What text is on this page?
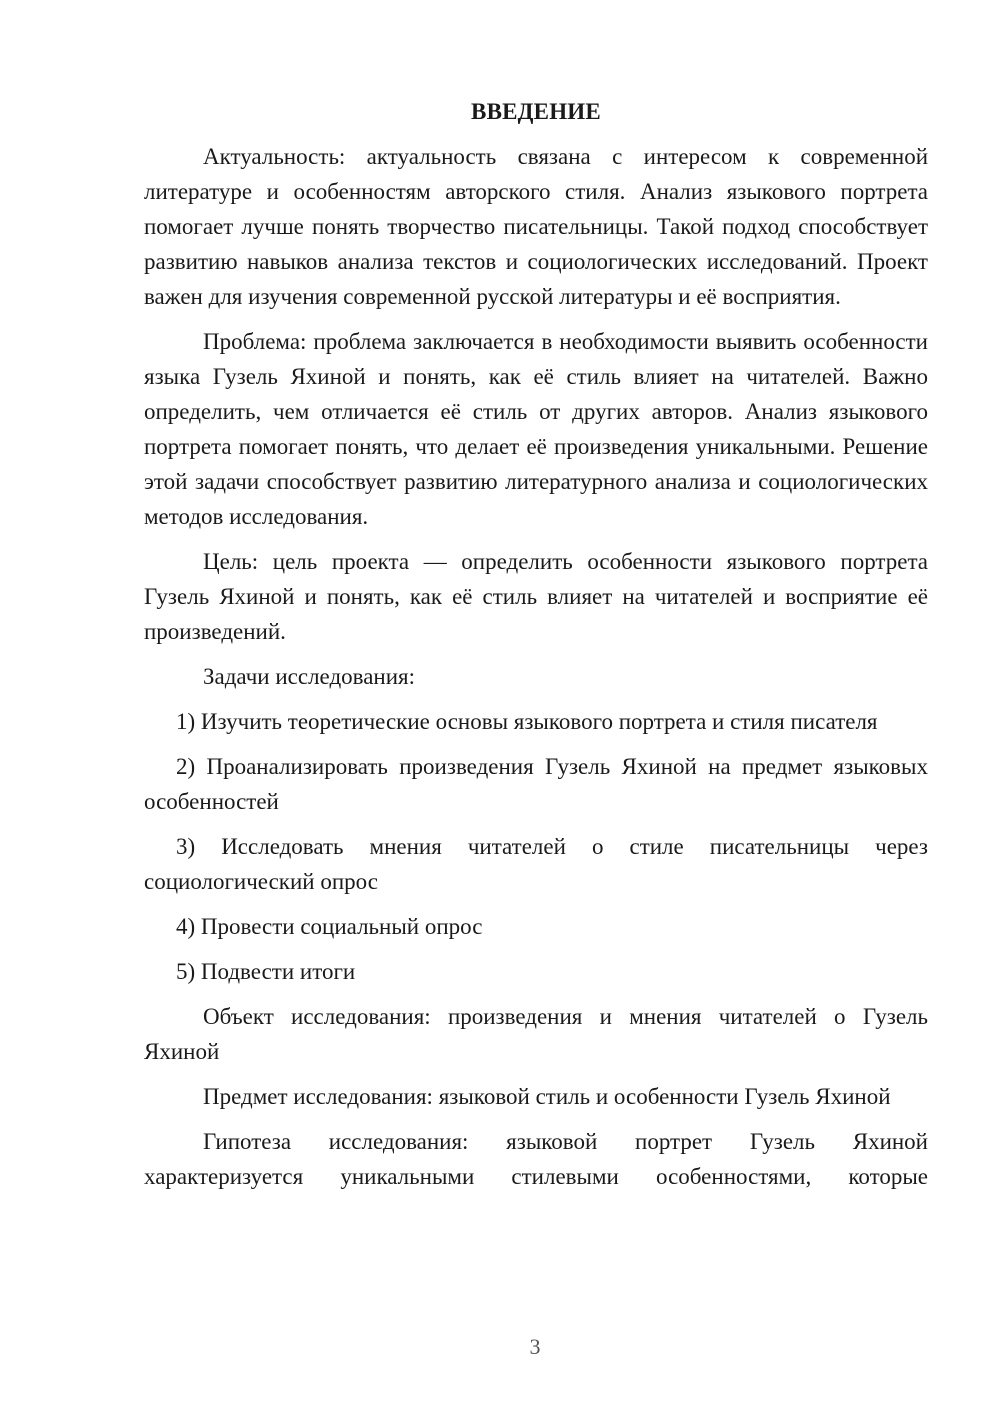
ВВЕДЕНИЕ

Актуальность: актуальность связана с интересом к современной литературе и особенностям авторского стиля. Анализ языкового портрета помогает лучше понять творчество писательницы. Такой подход способствует развитию навыков анализа текстов и социологических исследований. Проект важен для изучения современной русской литературы и её восприятия.

Проблема: проблема заключается в необходимости выявить особенности языка Гузель Яхиной и понять, как её стиль влияет на читателей. Важно определить, чем отличается её стиль от других авторов. Анализ языкового портрета помогает понять, что делает её произведения уникальными. Решение этой задачи способствует развитию литературного анализа и социологических методов исследования.

Цель: цель проекта — определить особенности языкового портрета Гузель Яхиной и понять, как её стиль влияет на читателей и восприятие её произведений.

Задачи исследования:

1) Изучить теоретические основы языкового портрета и стиля писателя

2) Проанализировать произведения Гузель Яхиной на предмет языковых особенностей

3) Исследовать мнения читателей о стиле писательницы через социологический опрос

4) Провести социальный опрос

5) Подвести итоги

Объект исследования: произведения и мнения читателей о Гузель Яхиной

Предмет исследования: языковой стиль и особенности Гузель Яхиной

Гипотеза исследования: языковой портрет Гузель Яхиной характеризуется уникальными стилевыми особенностями, которые

3
